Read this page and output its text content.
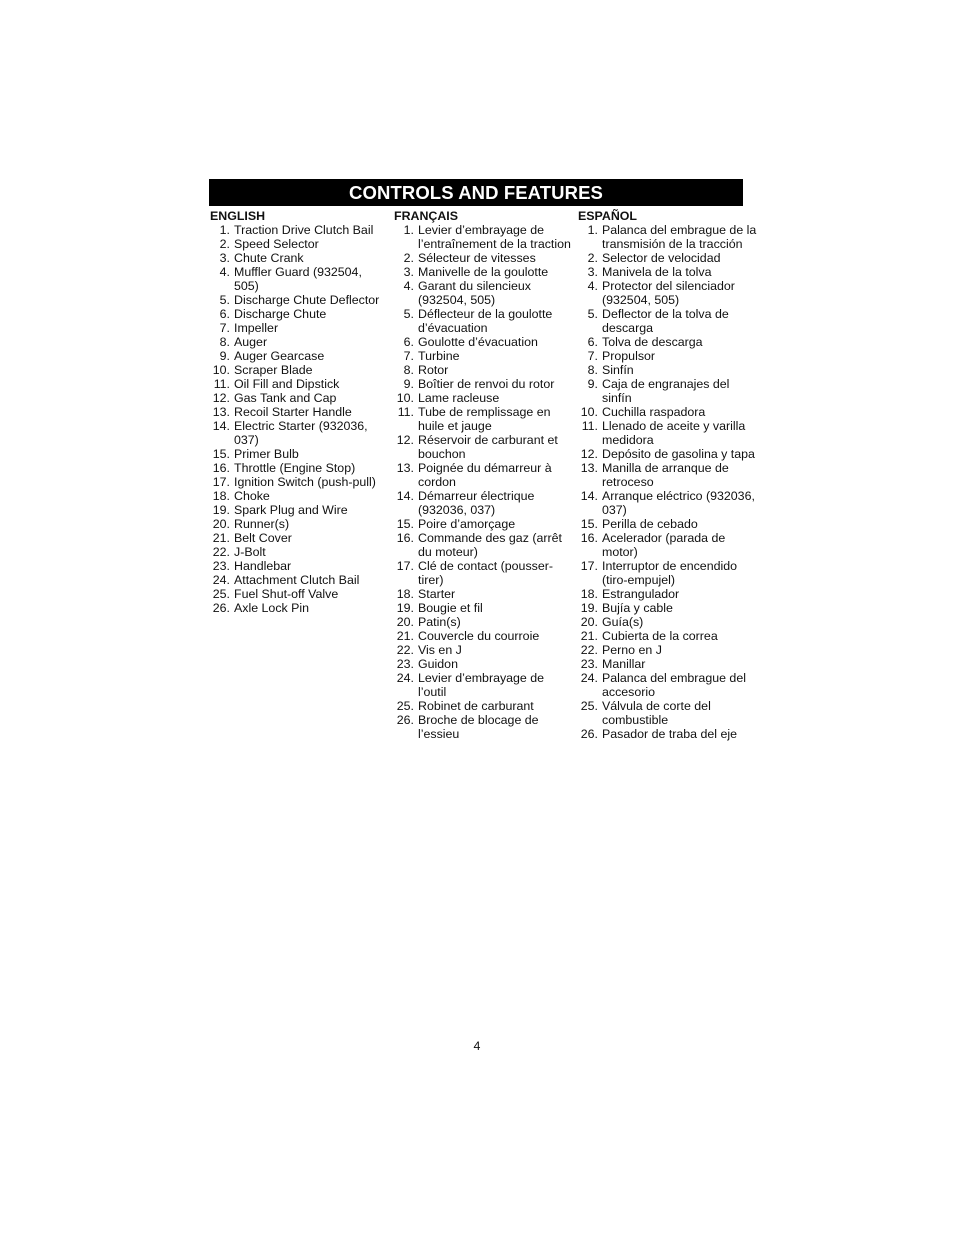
CONTROLS AND FEATURES
ENGLISH
1. Traction Drive Clutch Bail
2. Speed Selector
3. Chute Crank
4. Muffler Guard (932504, 505)
5. Discharge Chute Deflector
6. Discharge Chute
7. Impeller
8. Auger
9. Auger Gearcase
10. Scraper Blade
11. Oil Fill and Dipstick
12. Gas Tank and Cap
13. Recoil Starter Handle
14. Electric Starter (932036, 037)
15. Primer Bulb
16. Throttle (Engine Stop)
17. Ignition Switch (push-pull)
18. Choke
19. Spark Plug and Wire
20. Runner(s)
21. Belt Cover
22. J-Bolt
23. Handlebar
24. Attachment Clutch Bail
25. Fuel Shut-off Valve
26. Axle Lock Pin
FRANÇAIS
1. Levier d’embrayage de l’entraînement de la traction
2. Sélecteur de vitesses
3. Manivelle de la goulotte
4. Garant du silencieux (932504, 505)
5. Déflecteur de la goulotte d’évacuation
6. Goulotte d’évacuation
7. Turbine
8. Rotor
9. Boîtier de renvoi du rotor
10. Lame racleuse
11. Tube de remplissage en huile et jauge
12. Réservoir de carburant et bouchon
13. Poignée du démarreur à cordon
14. Démarreur électrique (932036, 037)
15. Poire d’amorçage
16. Commande des gaz (arrêt du moteur)
17. Clé de contact (pousser-tirer)
18. Starter
19. Bougie et fil
20. Patin(s)
21. Couvercle du courroie
22. Vis en J
23. Guidon
24. Levier d’embrayage de l’outil
25. Robinet de carburant
26. Broche de blocage de l’essieu
ESPAÑOL
1. Palanca del embrague de la transmisión de la tracción
2. Selector de velocidad
3. Manivela de la tolva
4. Protector del silenciador (932504, 505)
5. Deflector de la tolva de descarga
6. Tolva de descarga
7. Propulsor
8. Sinfín
9. Caja de engranajes del sinfín
10. Cuchilla raspadora
11. Llenado de aceite y varilla medidora
12. Depósito de gasolina y tapa
13. Manilla de arranque de retroceso
14. Arranque eléctrico (932036, 037)
15. Perilla de cebado
16. Acelerador (parada de motor)
17. Interruptor de encendido (tiro-empujel)
18. Estrangulador
19. Bujía y cable
20. Guía(s)
21. Cubierta de la correa
22. Perno en J
23. Manillar
24. Palanca del embrague del accesorio
25. Válvula de corte del combustible
26. Pasador de traba del eje
4
